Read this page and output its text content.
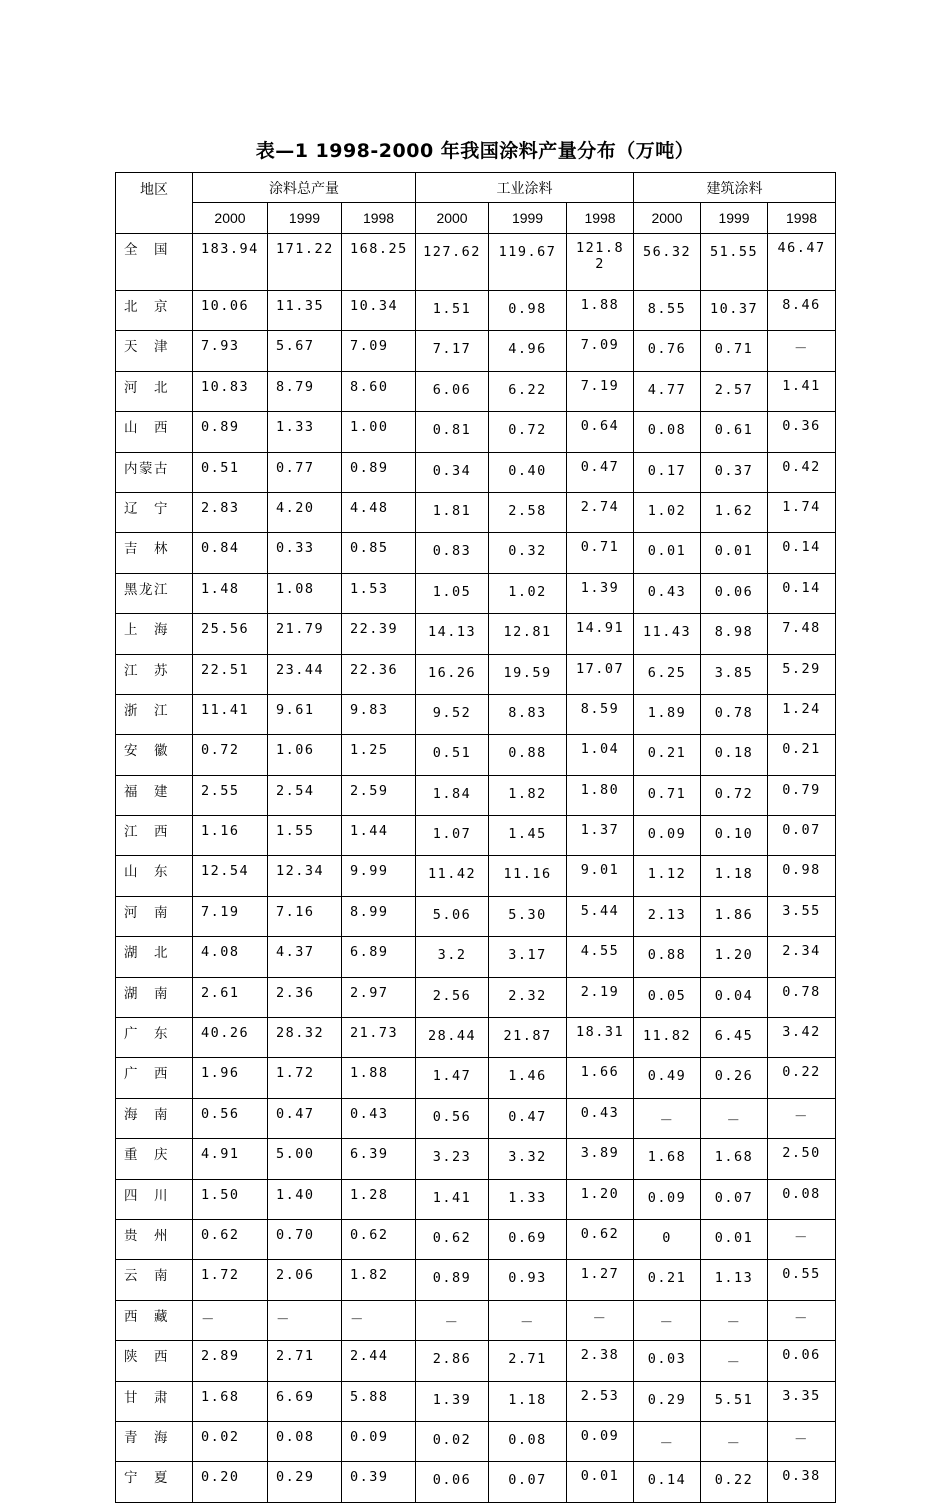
表—1 1998-2000 年我国涂料产量分布（万吨）
地区	涂料总产量			工业涂料			建筑涂料		
	2000	1999	1998	2000	1999	1998	2000	1999	1998
全　国	183.94	171.22	168.25	127.62	119.67	121.82	56.32	51.55	46.47
北　京	10.06	11.35	10.34	1.51	0.98	1.88	8.55	10.37	8.46
天　津	7.93	5.67	7.09	7.17	4.96	7.09	0.76	0.71	－
河　北	10.83	8.79	8.60	6.06	6.22	7.19	4.77	2.57	1.41
山　西	0.89	1.33	1.00	0.81	0.72	0.64	0.08	0.61	0.36
内蒙古	0.51	0.77	0.89	0.34	0.40	0.47	0.17	0.37	0.42
辽　宁	2.83	4.20	4.48	1.81	2.58	2.74	1.02	1.62	1.74
吉　林	0.84	0.33	0.85	0.83	0.32	0.71	0.01	0.01	0.14
黑龙江	1.48	1.08	1.53	1.05	1.02	1.39	0.43	0.06	0.14
上　海	25.56	21.79	22.39	14.13	12.81	14.91	11.43	8.98	7.48
江　苏	22.51	23.44	22.36	16.26	19.59	17.07	6.25	3.85	5.29
浙　江	11.41	9.61	9.83	9.52	8.83	8.59	1.89	0.78	1.24
安　徽	0.72	1.06	1.25	0.51	0.88	1.04	0.21	0.18	0.21
福　建	2.55	2.54	2.59	1.84	1.82	1.80	0.71	0.72	0.79
江　西	1.16	1.55	1.44	1.07	1.45	1.37	0.09	0.10	0.07
山　东	12.54	12.34	9.99	11.42	11.16	9.01	1.12	1.18	0.98
河　南	7.19	7.16	8.99	5.06	5.30	5.44	2.13	1.86	3.55
湖　北	4.08	4.37	6.89	3.2	3.17	4.55	0.88	1.20	2.34
湖　南	2.61	2.36	2.97	2.56	2.32	2.19	0.05	0.04	0.78
广　东	40.26	28.32	21.73	28.44	21.87	18.31	11.82	6.45	3.42
广　西	1.96	1.72	1.88	1.47	1.46	1.66	0.49	0.26	0.22
海　南	0.56	0.47	0.43	0.56	0.47	0.43	－	－	－
重　庆	4.91	5.00	6.39	3.23	3.32	3.89	1.68	1.68	2.50
四　川	1.50	1.40	1.28	1.41	1.33	1.20	0.09	0.07	0.08
贵　州	0.62	0.70	0.62	0.62	0.69	0.62	0	0.01	－
云　南	1.72	2.06	1.82	0.89	0.93	1.27	0.21	1.13	0.55
西　藏	－	－	－	－	－	－	－	－	－
陕　西	2.89	2.71	2.44	2.86	2.71	2.38	0.03	－	0.06
甘　肃	1.68	6.69	5.88	1.39	1.18	2.53	0.29	5.51	3.35
青　海	0.02	0.08	0.09	0.02	0.08	0.09	－	－	－
宁　夏	0.20	0.29	0.39	0.06	0.07	0.01	0.14	0.22	0.38
